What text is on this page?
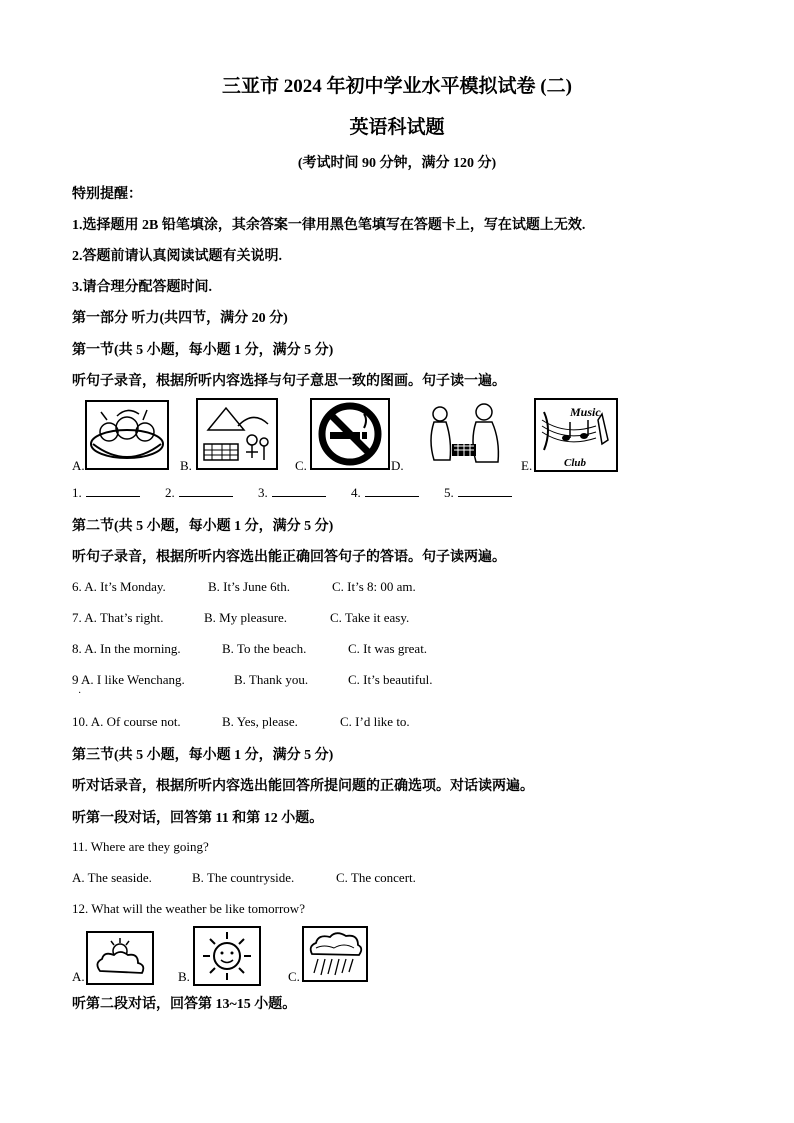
三亚市 2024 年初中学业水平模拟试卷 (二)
英语科试题
(考试时间 90 分钟，满分 120 分)
特别提醒：
1.选择题用 2B 铅笔填涂，其余答案一律用黑色笔填写在答题卡上，写在试题上无效.
2.答题前请认真阅读试题有关说明.
3.请合理分配答题时间.
第一部分 听力(共四节，满分 20 分)
第一节(共 5 小题，每小题 1 分，满分 5 分)
听句子录音，根据所听内容选择与句子意思一致的图画。句子读一遍。
A.	B.	C.	D.	E.
Music
Club
1.	2.	3.	4.	5.
第二节(共 5 小题，每小题 1 分，满分 5 分)
听句子录音，根据所听内容选出能正确回答句子的答语。句子读两遍。
6. A. It’s Monday.	B. It’s June 6th.	C. It’s 8: 00 am.
7. A. That’s right.	B. My pleasure.	C. Take it easy.
8. A. In the morning.	B. To the beach.	C. It was great.
9 A. I like Wenchang.	B. Thank you.	C. It’s beautiful.
·
10. A. Of course not.	B. Yes, please.	C. I’d like to.
第三节(共 5 小题，每小题 1 分，满分 5 分)
听对话录音，根据所听内容选出能回答所提问题的正确选项。对话读两遍。
听第一段对话，回答第 11 和第 12 小题。
11. Where are they going?
A. The seaside.	B. The countryside.	C. The concert.
12. What will the weather be like tomorrow?
A.	B.	C.
听第二段对话，回答第 13~15 小题。
